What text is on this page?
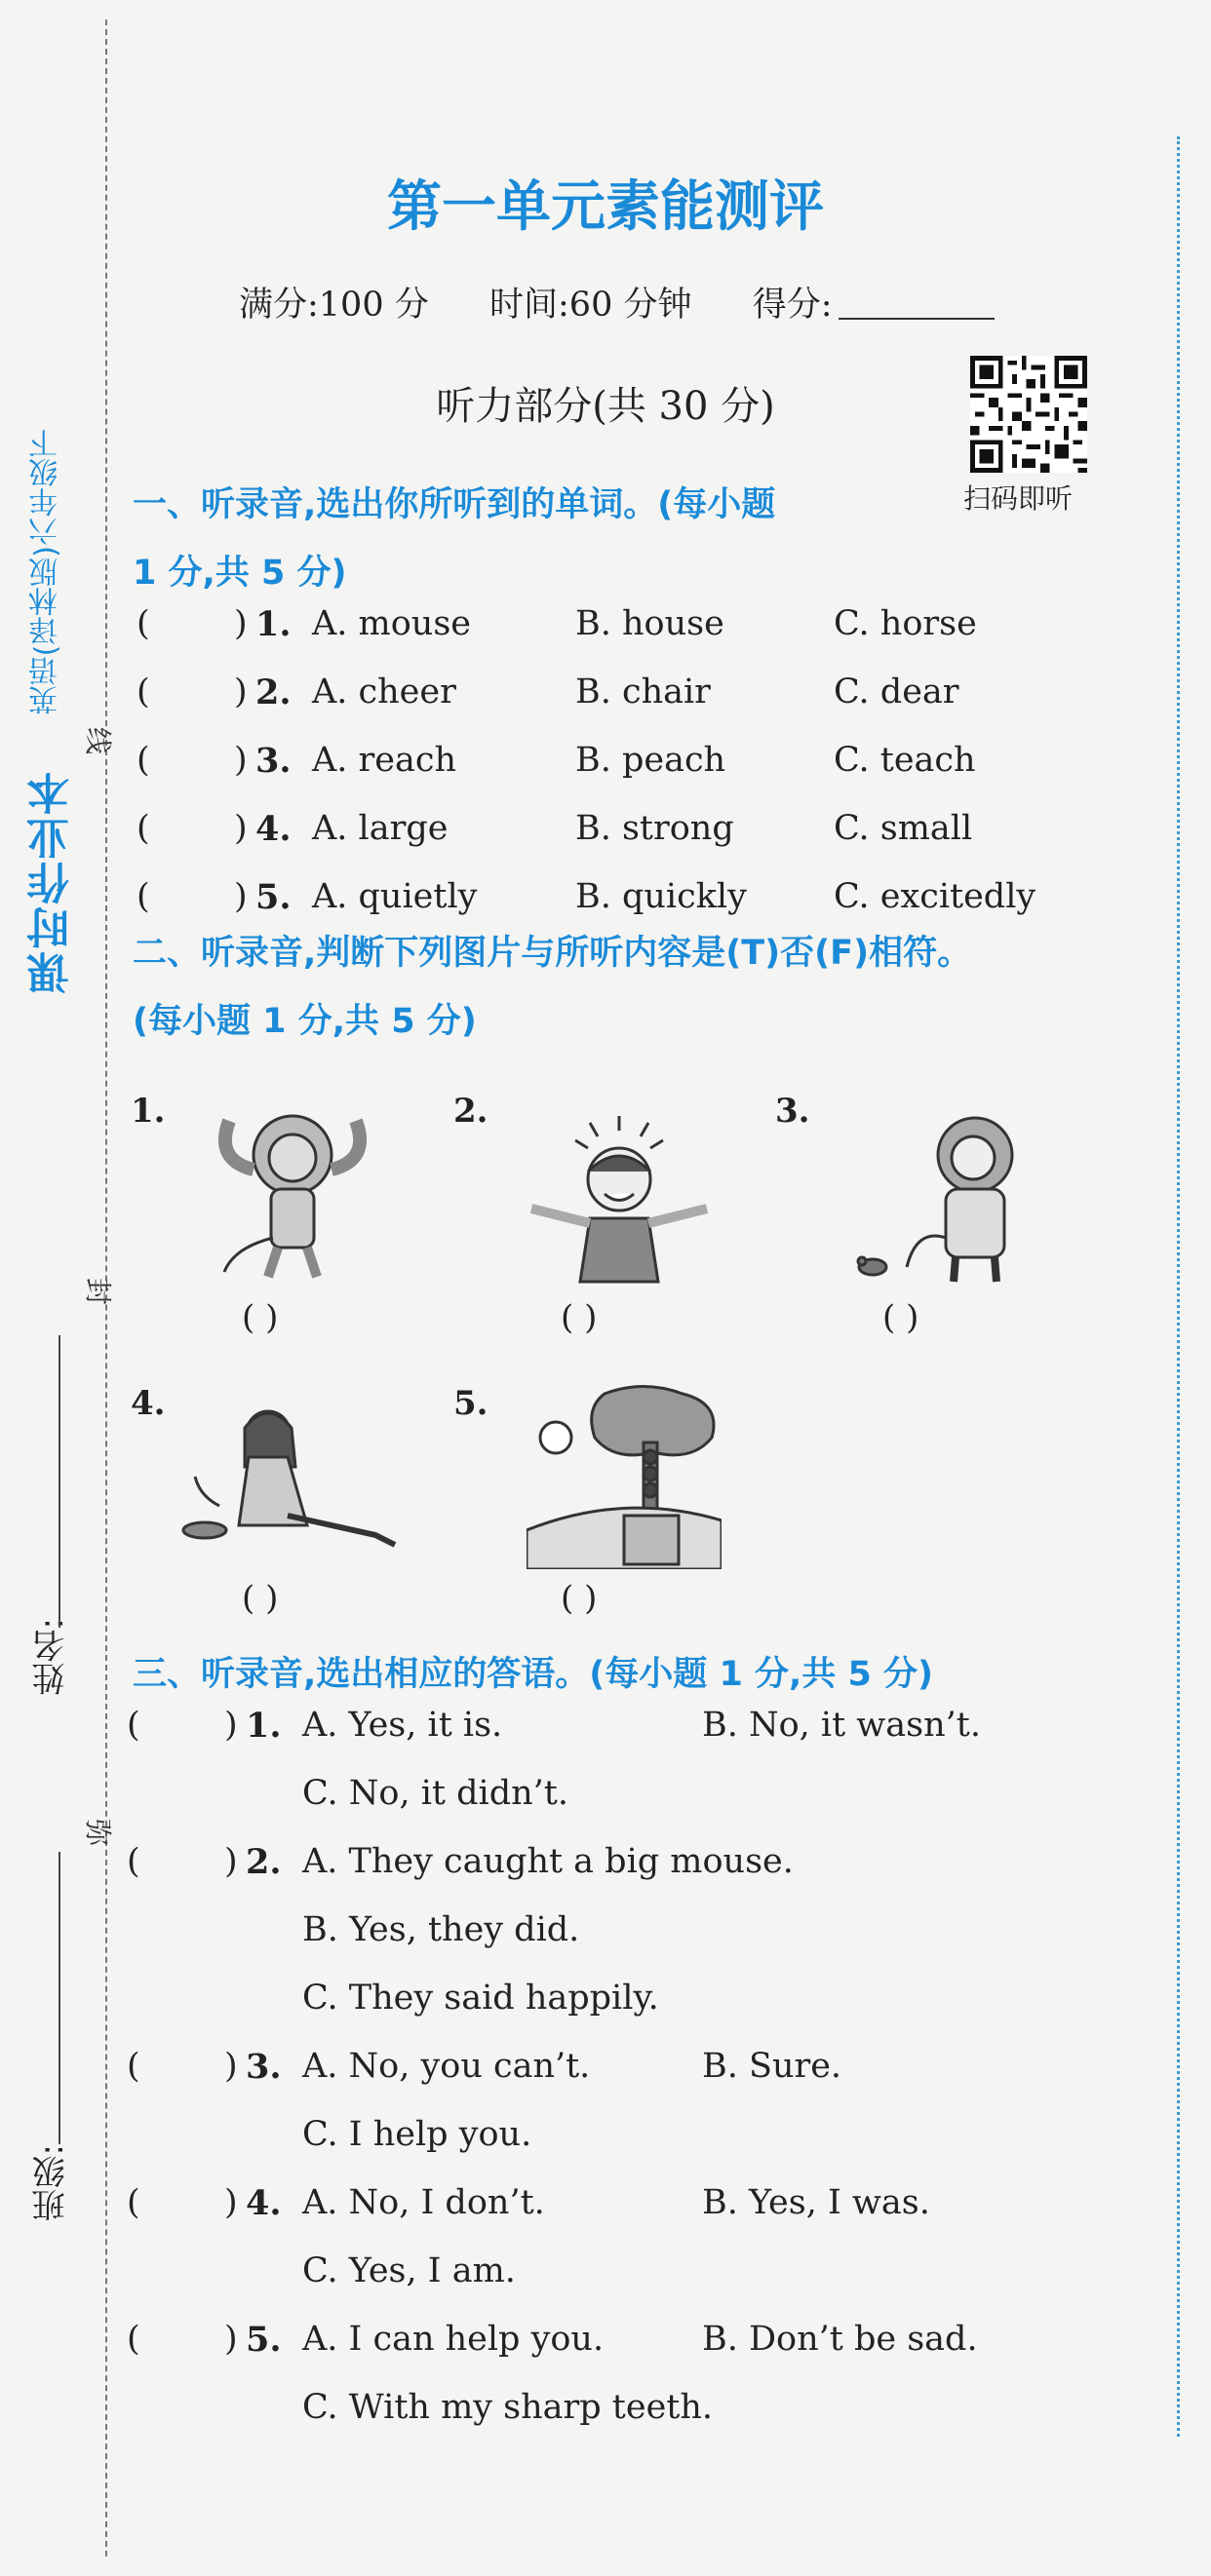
课时作业本
英语(译林版)六年级下
姓名:
班级:
线
封
弥
第一单元素能测评
满分:100 分 时间:60 分钟 得分:
听力部分(共 30 分)
扫码即听
一、听录音,选出你所听到的单词。(每小题
1 分,共 5 分)
( ) 1. A. mouse	B. house	C. horse
( ) 2. A. cheer	B. chair	C. dear
( ) 3. A. reach	B. peach	C. teach
( ) 4. A. large	B. strong	C. small
( ) 5. A. quietly	B. quickly	C. excitedly
二、听录音,判断下列图片与所听内容是(T)否(F)相符。
(每小题 1 分,共 5 分)
1.	2.	3.
( )	( )	( )
4.	5.
( )	( )
三、听录音,选出相应的答语。(每小题 1 分,共 5 分)
( ) 1. A. Yes, it is.	B. No, it wasn’t.
C. No, it didn’t.
( ) 2. A. They caught a big mouse.
B. Yes, they did.
C. They said happily.
( ) 3. A. No, you can’t.	B. Sure.
C. I help you.
( ) 4. A. No, I don’t.	B. Yes, I was.
C. Yes, I am.
( ) 5. A. I can help you.	B. Don’t be sad.
C. With my sharp teeth.
